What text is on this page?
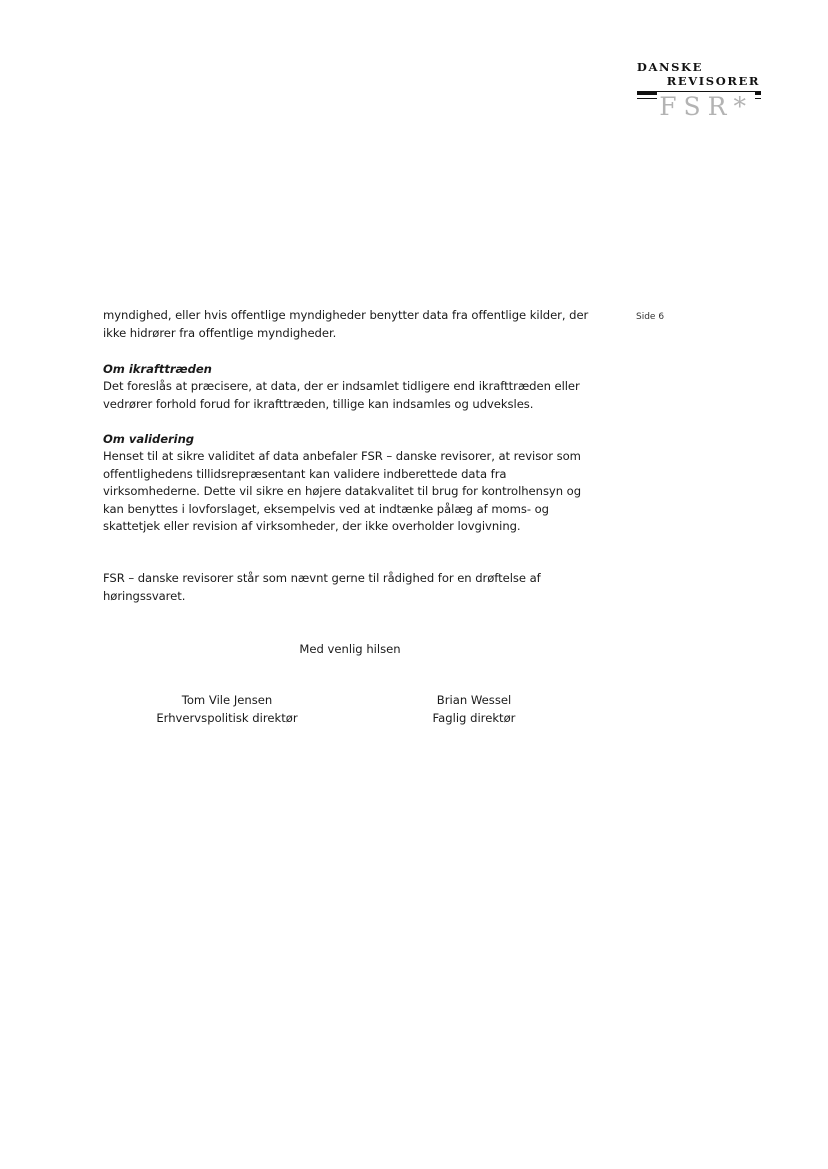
DANSKE
REVISORER
FSR*
Side 6

myndighed, eller hvis offentlige myndigheder benytter data fra offentlige kilder, der ikke hidrører fra offentlige myndigheder.

Om ikrafttræden

Det foreslås at præcisere, at data, der er indsamlet tidligere end ikrafttræden eller vedrører forhold forud for ikrafttræden, tillige kan indsamles og udveksles.

Om validering

Henset til at sikre validitet af data anbefaler FSR – danske revisorer, at revisor som offentlighedens tillidsrepræsentant kan validere indberettede data fra virksomhederne. Dette vil sikre en højere datakvalitet til brug for kontrolhensyn og kan benyttes i lovforslaget, eksempelvis ved at indtænke pålæg af moms- og skattetjek eller revision af virksomheder, der ikke overholder lovgivning.

FSR – danske revisorer står som nævnt gerne til rådighed for en drøftelse af høringssvaret.

Med venlig hilsen
Tom Vile Jensen
Erhvervspolitisk direktør
Brian Wessel
Faglig direktør
